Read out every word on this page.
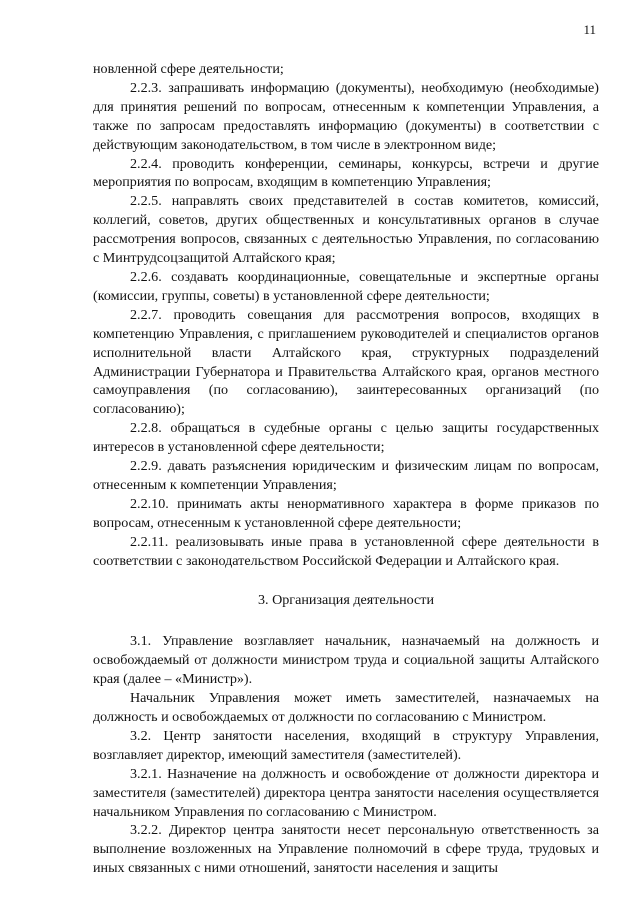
11

новленной сфере деятельности;

2.2.3. запрашивать информацию (документы), необходимую (необходимые) для принятия решений по вопросам, отнесенным к компетенции Управления, а также по запросам предоставлять информацию (документы) в соответствии с действующим законодательством, в том числе в электронном виде;

2.2.4. проводить конференции, семинары, конкурсы, встречи и другие мероприятия по вопросам, входящим в компетенцию Управления;

2.2.5. направлять своих представителей в состав комитетов, комиссий, коллегий, советов, других общественных и консультативных органов в случае рассмотрения вопросов, связанных с деятельностью Управления, по согласованию с Минтрудсоцзащитой Алтайского края;

2.2.6. создавать координационные, совещательные и экспертные органы (комиссии, группы, советы) в установленной сфере деятельности;

2.2.7. проводить совещания для рассмотрения вопросов, входящих в компетенцию Управления, с приглашением руководителей и специалистов органов исполнительной власти Алтайского края, структурных подразделений Администрации Губернатора и Правительства Алтайского края, органов местного самоуправления (по согласованию), заинтересованных организаций (по согласованию);

2.2.8. обращаться в судебные органы с целью защиты государственных интересов в установленной сфере деятельности;

2.2.9. давать разъяснения юридическим и физическим лицам по вопросам, отнесенным к компетенции Управления;

2.2.10. принимать акты ненормативного характера в форме приказов по вопросам, отнесенным к установленной сфере деятельности;

2.2.11. реализовывать иные права в установленной сфере деятельности в соответствии с законодательством Российской Федерации и Алтайского края.

3. Организация деятельности

3.1. Управление возглавляет начальник, назначаемый на должность и освобождаемый от должности министром труда и социальной защиты Алтайского края (далее – «Министр»).

Начальник Управления может иметь заместителей, назначаемых на должность и освобождаемых от должности по согласованию с Министром.

3.2. Центр занятости населения, входящий в структуру Управления, возглавляет директор, имеющий заместителя (заместителей).

3.2.1. Назначение на должность и освобождение от должности директора и заместителя (заместителей) директора центра занятости населения осуществляется начальником Управления по согласованию с Министром.

3.2.2. Директор центра занятости несет персональную ответственность за выполнение возложенных на Управление полномочий в сфере труда, трудовых и иных связанных с ними отношений, занятости населения и защиты
